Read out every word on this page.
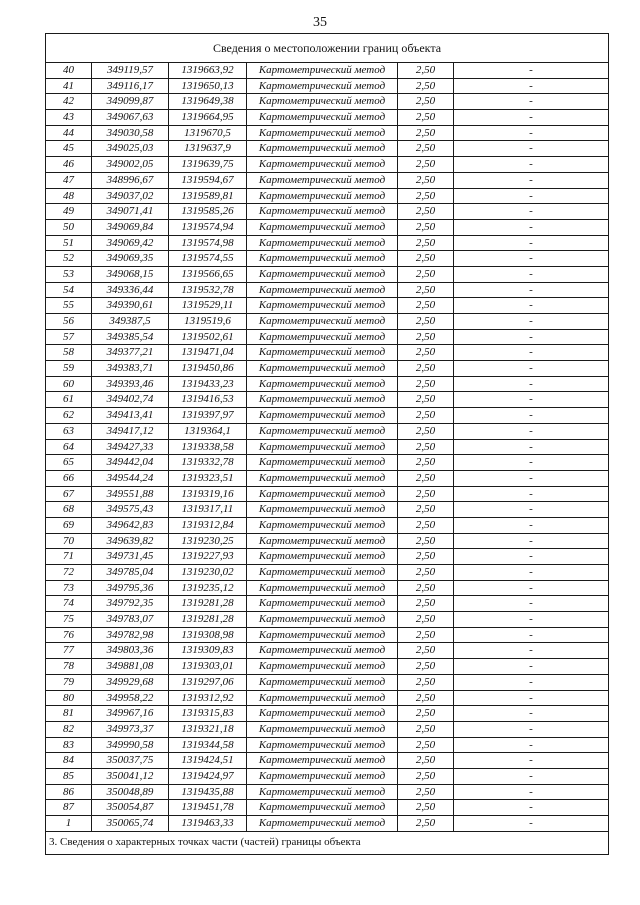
35
Сведения о местоположении границ объекта
40	349119,57	1319663,92	Картометрический метод	2,50	-
41	349116,17	1319650,13	Картометрический метод	2,50	-
42	349099,87	1319649,38	Картометрический метод	2,50	-
43	349067,63	1319664,95	Картометрический метод	2,50	-
44	349030,58	1319670,5	Картометрический метод	2,50	-
45	349025,03	1319637,9	Картометрический метод	2,50	-
46	349002,05	1319639,75	Картометрический метод	2,50	-
47	348996,67	1319594,67	Картометрический метод	2,50	-
48	349037,02	1319589,81	Картометрический метод	2,50	-
49	349071,41	1319585,26	Картометрический метод	2,50	-
50	349069,84	1319574,94	Картометрический метод	2,50	-
51	349069,42	1319574,98	Картометрический метод	2,50	-
52	349069,35	1319574,55	Картометрический метод	2,50	-
53	349068,15	1319566,65	Картометрический метод	2,50	-
54	349336,44	1319532,78	Картометрический метод	2,50	-
55	349390,61	1319529,11	Картометрический метод	2,50	-
56	349387,5	1319519,6	Картометрический метод	2,50	-
57	349385,54	1319502,61	Картометрический метод	2,50	-
58	349377,21	1319471,04	Картометрический метод	2,50	-
59	349383,71	1319450,86	Картометрический метод	2,50	-
60	349393,46	1319433,23	Картометрический метод	2,50	-
61	349402,74	1319416,53	Картометрический метод	2,50	-
62	349413,41	1319397,97	Картометрический метод	2,50	-
63	349417,12	1319364,1	Картометрический метод	2,50	-
64	349427,33	1319338,58	Картометрический метод	2,50	-
65	349442,04	1319332,78	Картометрический метод	2,50	-
66	349544,24	1319323,51	Картометрический метод	2,50	-
67	349551,88	1319319,16	Картометрический метод	2,50	-
68	349575,43	1319317,11	Картометрический метод	2,50	-
69	349642,83	1319312,84	Картометрический метод	2,50	-
70	349639,82	1319230,25	Картометрический метод	2,50	-
71	349731,45	1319227,93	Картометрический метод	2,50	-
72	349785,04	1319230,02	Картометрический метод	2,50	-
73	349795,36	1319235,12	Картометрический метод	2,50	-
74	349792,35	1319281,28	Картометрический метод	2,50	-
75	349783,07	1319281,28	Картометрический метод	2,50	-
76	349782,98	1319308,98	Картометрический метод	2,50	-
77	349803,36	1319309,83	Картометрический метод	2,50	-
78	349881,08	1319303,01	Картометрический метод	2,50	-
79	349929,68	1319297,06	Картометрический метод	2,50	-
80	349958,22	1319312,92	Картометрический метод	2,50	-
81	349967,16	1319315,83	Картометрический метод	2,50	-
82	349973,37	1319321,18	Картометрический метод	2,50	-
83	349990,58	1319344,58	Картометрический метод	2,50	-
84	350037,75	1319424,51	Картометрический метод	2,50	-
85	350041,12	1319424,97	Картометрический метод	2,50	-
86	350048,89	1319435,88	Картометрический метод	2,50	-
87	350054,87	1319451,78	Картометрический метод	2,50	-
1	350065,74	1319463,33	Картометрический метод	2,50	-
3. Сведения о характерных точках части (частей) границы объекта
